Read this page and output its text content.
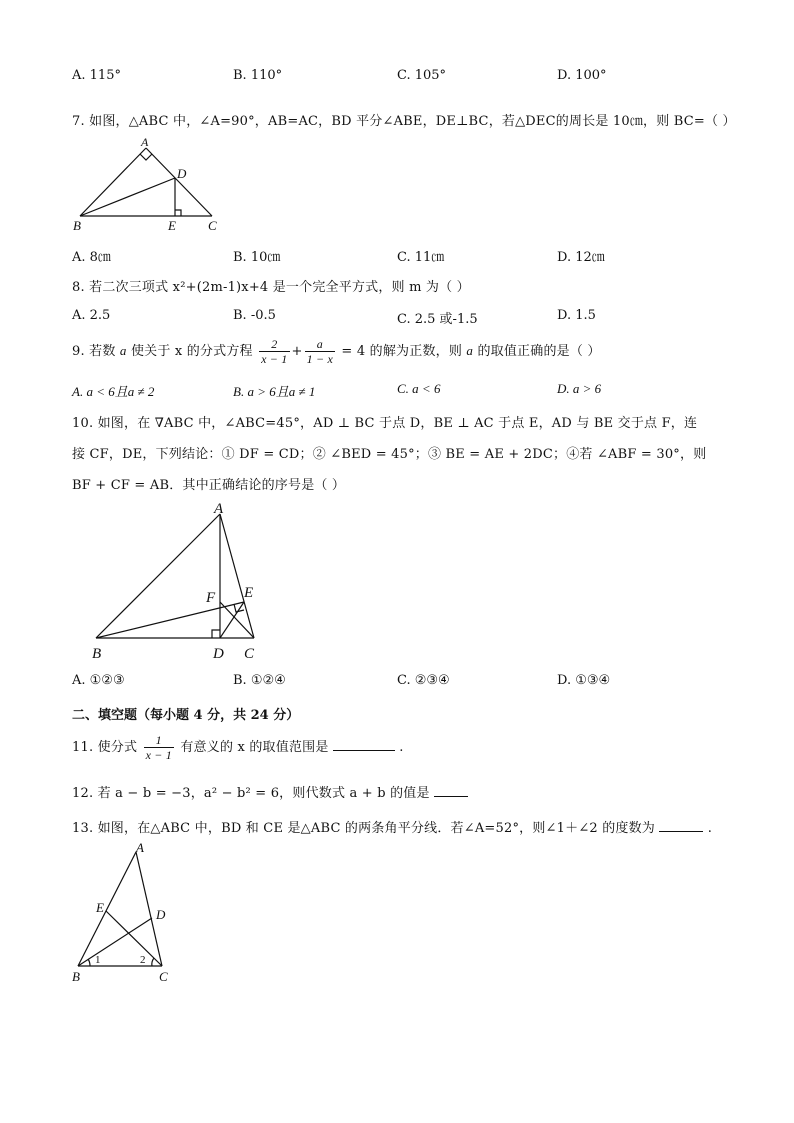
A. 115°	B. 110°	C. 105°	D. 100°
7. 如图，△ABC 中，∠A=90°，AB=AC，BD 平分∠ABE，DE⊥BC，若△DEC的周长是 10㎝，则 BC=（ ）
A
D
B	E C
A. 8㎝	B. 10㎝	C. 11㎝	D. 12㎝
8. 若二次三项式 x²+(2m-1)x+4 是一个完全平方式，则 m 为（ ）
A. 2.5	B. -0.5	C. 2.5 或-1.5	D. 1.5
9. 若数 a 使关于 x 的分式方程 $\frac{2}{x - 1} + \frac{a}{1 - x} = 4$ 的解为正数，则 a 的取值正确的是（ ）
A. a < 6且a ≠ 2	B. a > 6且a ≠ 1	C. a < 6	D. a > 6
10. 如图，在 ∇ABC 中，∠ABC=45°，AD ⊥ BC 于点 D，BE ⊥ AC 于点 E，AD 与 BE 交于点 F，连
接 CF，DE，下列结论：① DF = CD；② ∠BED = 45°；③ BE = AE + 2DC；④若 ∠ABF = 30°，则
BF + CF = AB．其中正确结论的序号是（ ）
A
F E
B	D C
A. ①②③	B. ①②④	C. ②③④	D. ①③④
二、填空题（每小题 4 分，共 24 分）
11. 使分式 $\frac{1}{x - 1}$ 有意义的 x 的取值范围是	.
12. 若 a − b = −3，a² − b² = 6，则代数式 a + b 的值是
13. 如图，在△ABC 中，BD 和 CE 是△ABC 的两条角平分线．若∠A=52°，则∠1＋∠2 的度数为	.
A
E	D
B	C
1	2
